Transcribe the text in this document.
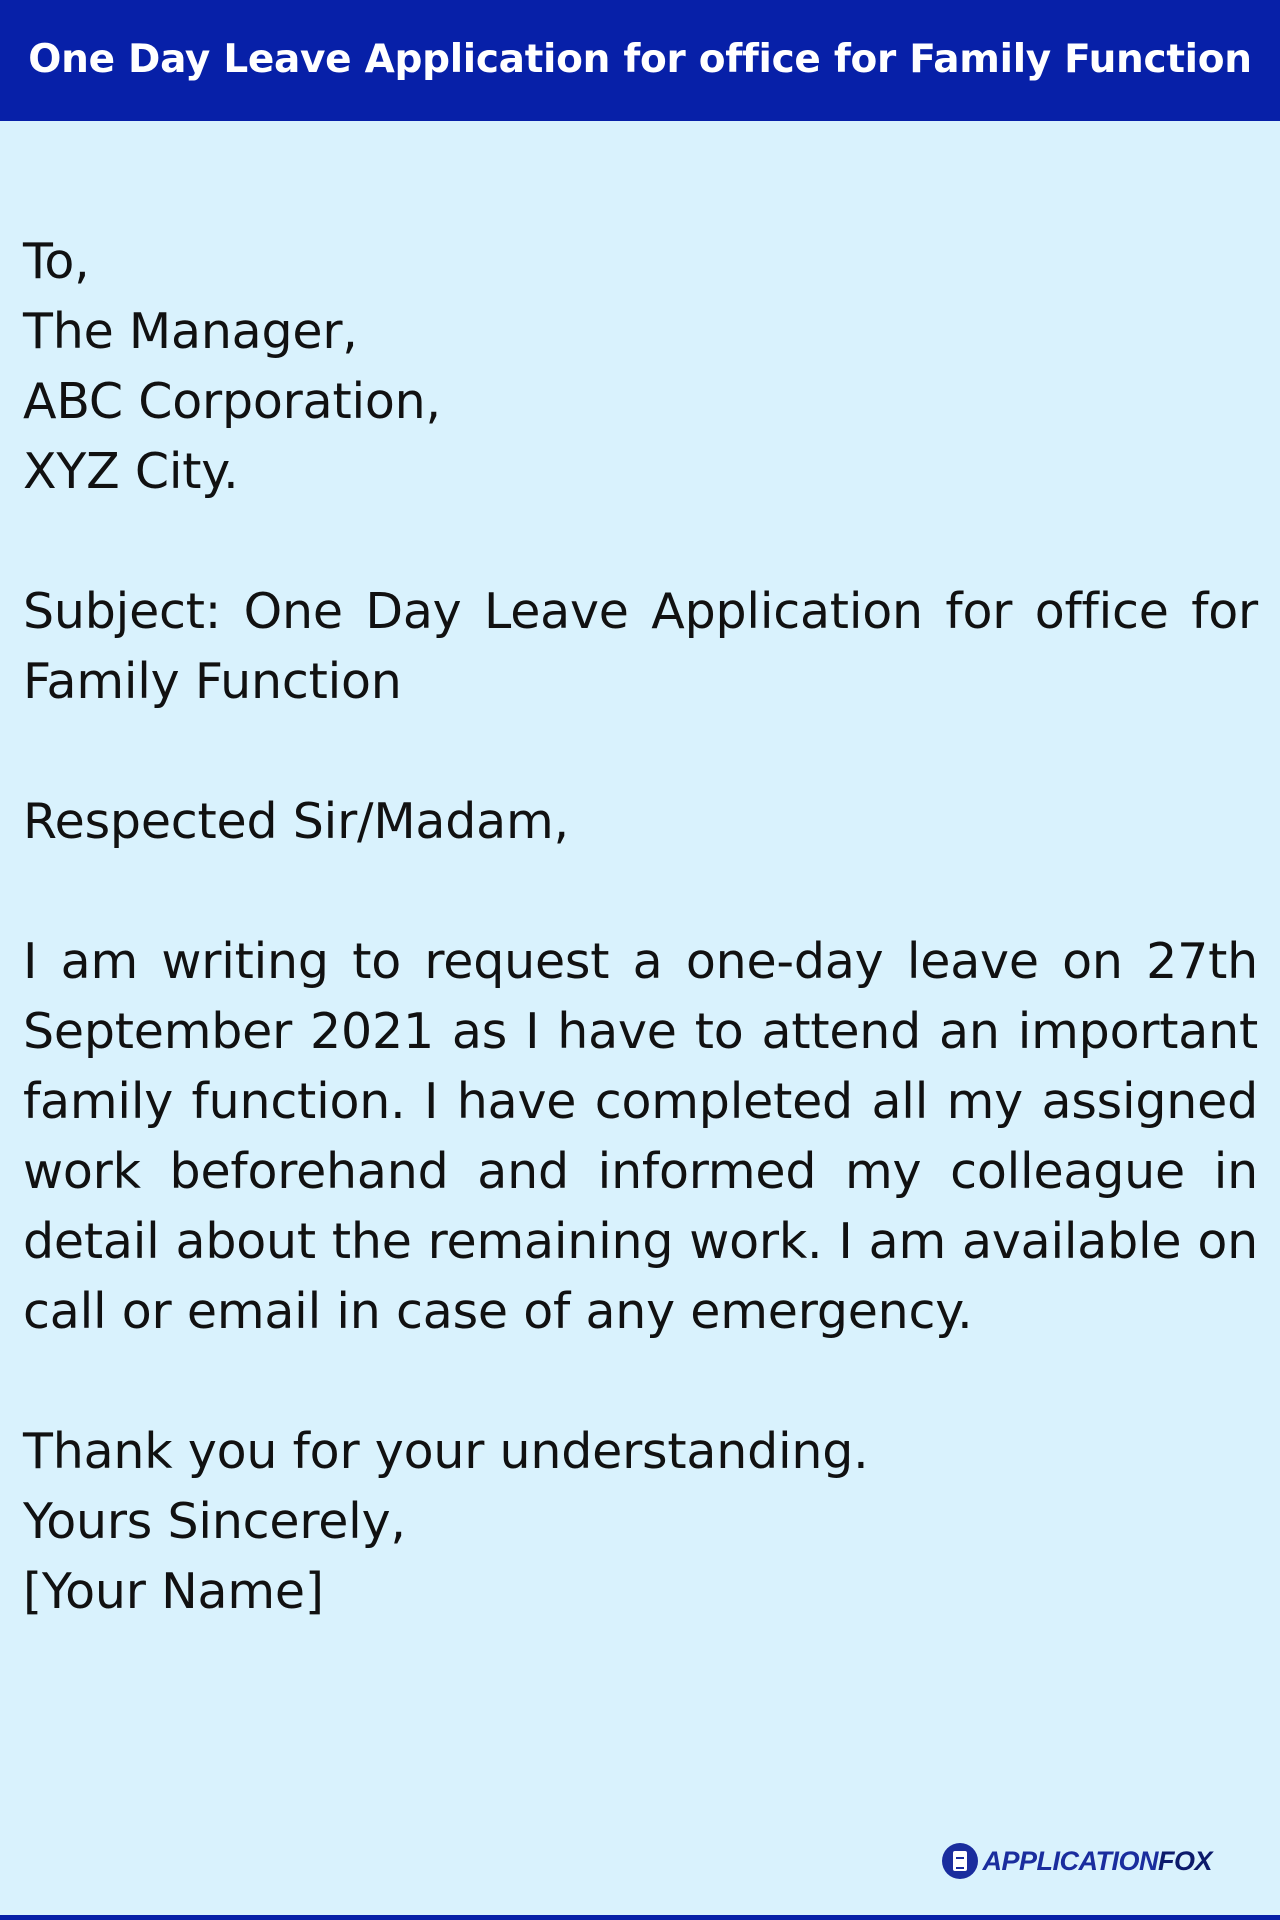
One Day Leave Application for office for Family Function
To,
The Manager,
ABC Corporation,
XYZ City.

Subject: One Day Leave Application for office for Family Function

Respected Sir/Madam,

I am writing to request a one-day leave on 27th September 2021 as I have to attend an important family function. I have completed all my assigned work beforehand and informed my colleague in detail about the remaining work. I am available on call or email in case of any emergency.

Thank you for your understanding.
Yours Sincerely,
[Your Name]
APPLICATIONFOX
